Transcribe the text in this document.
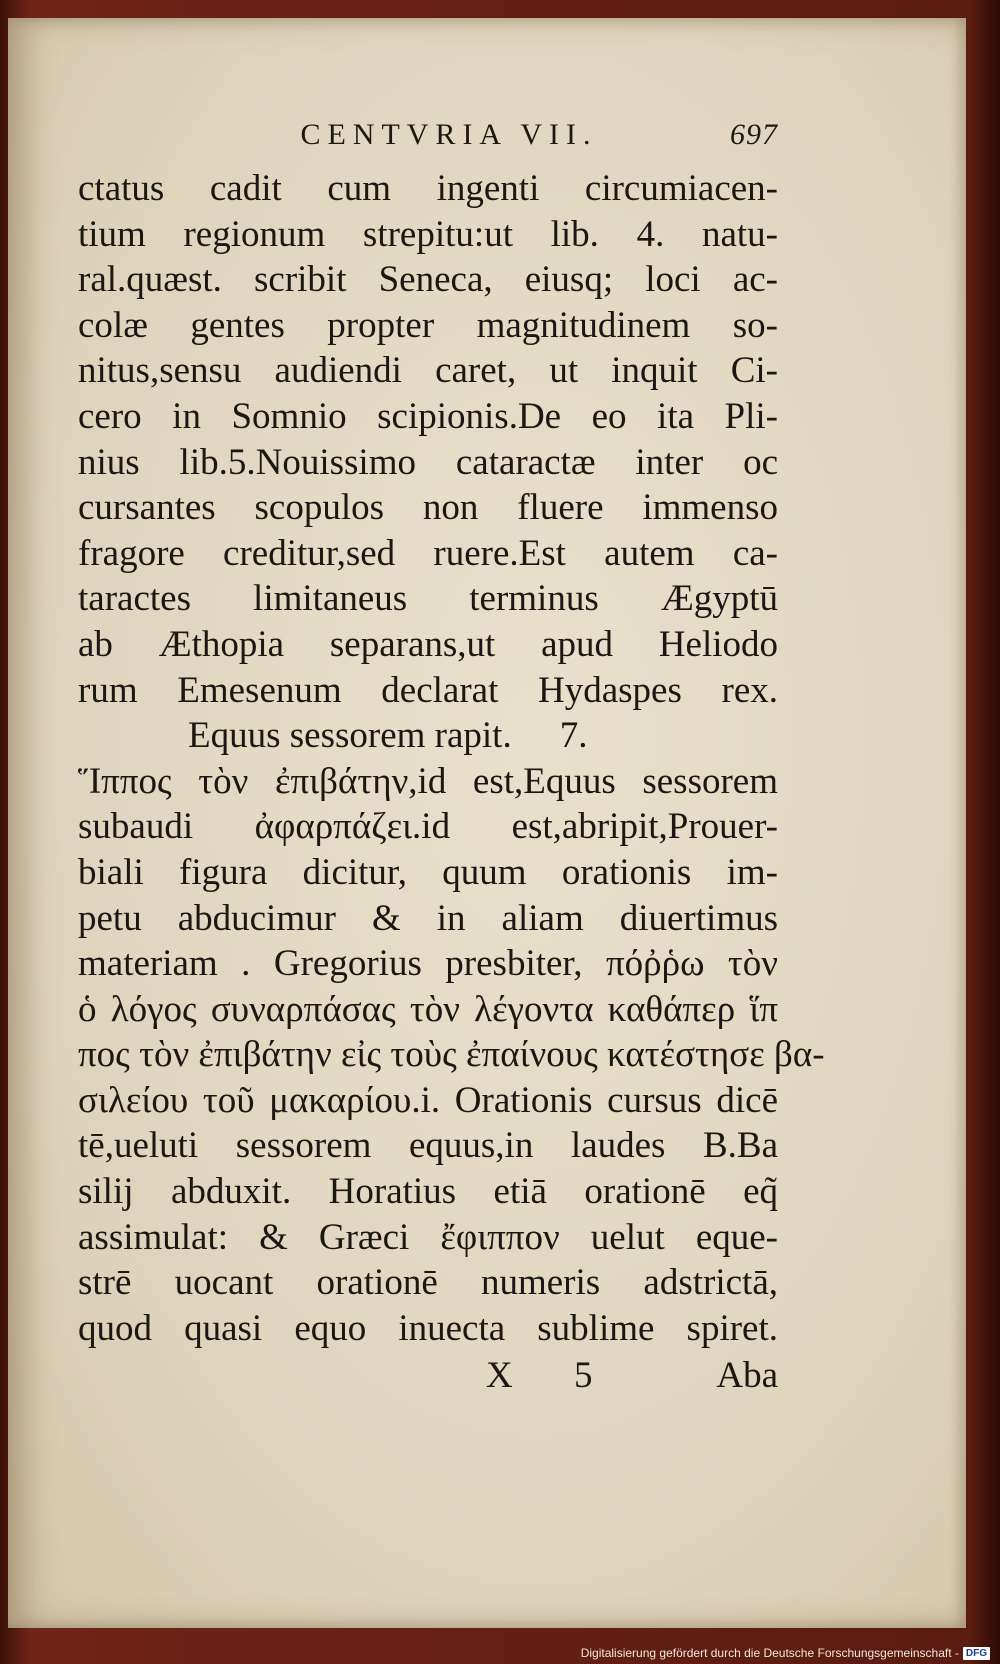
CENTVRIA VII.	697
ctatus cadit cum ingenti circumiacen-
tium regionum strepitu:ut lib. 4. natu-
ral.quæst. scribit Seneca, eiusq; loci ac-
colæ gentes propter magnitudinem so-
nitus,sensu audiendi caret, ut inquit Ci-
cero in Somnio scipionis.De eo ita Pli-
nius lib.5.Nouissimo cataractæ inter oc
cursantes scopulos non fluere immenso
fragore creditur,sed ruere.Est autem ca-
taractes limitaneus terminus Ægyptū
ab Æthopia separans,ut apud Heliodo
rum Emesenum declarat Hydaspes rex.
Equus sessorem rapit. 7.
Ἵππος τὸν ἐπιβάτην,id est,Equus sessorem
subaudi ἀφαρπάζει.id est,abripit,Prouer-
biali figura dicitur, quum orationis im-
petu abducimur & in aliam diuertimus
materiam . Gregorius presbiter, πόῤῥω τὸν
ὁ λόγος συναρπάσας τὸν λέγοντα καθάπερ ἵπ
πος τὸν ἐπιβάτην εἰς τοὺς ἐπαίνους κατέστησε βα-
σιλείου τοῦ μακαρίου.i. Orationis cursus dicē
tē,ueluti sessorem equus,in laudes B.Ba
silij abduxit. Horatius etiā orationē eq̃
assimulat: & Græci ἔφιππον uelut eque-
strē uocant orationē numeris adstrictā,
quod quasi equo inuecta sublime spiret.
X 5	Aba
Digitalisierung gefördert durch die Deutsche Forschungsgemeinschaft - DFG
